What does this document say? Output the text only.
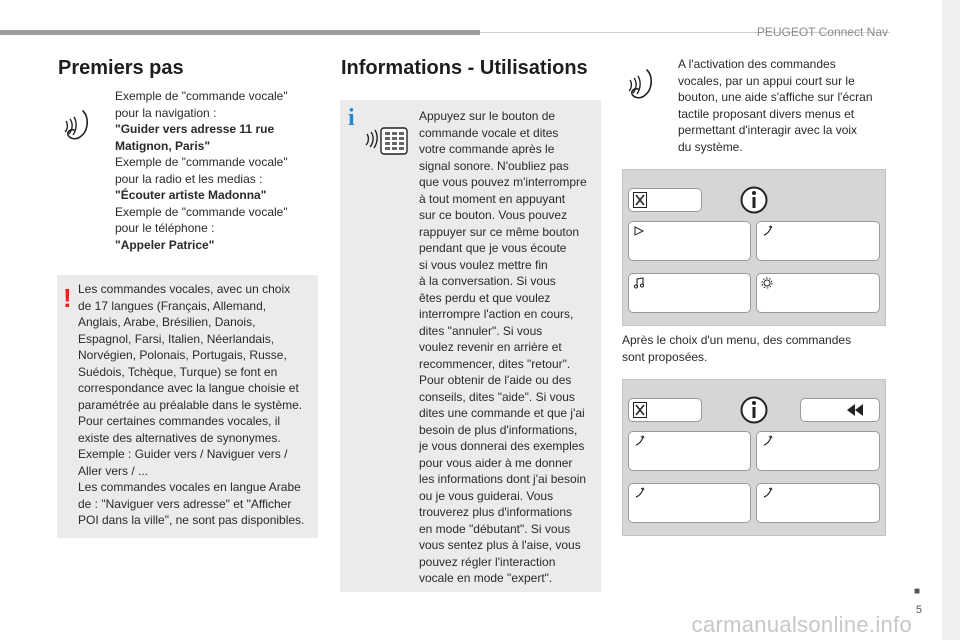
PEUGEOT Connect Nav
Premiers pas
Exemple de "commande vocale"
pour la navigation :
"Guider vers adresse 11 rue
Matignon, Paris"
Exemple de "commande vocale"
pour la radio et les medias :
"Écouter artiste Madonna"
Exemple de "commande vocale"
pour le téléphone :
"Appeler Patrice"
! Les commandes vocales, avec un choix
de 17 langues (Français, Allemand,
Anglais, Arabe, Brésilien, Danois,
Espagnol, Farsi, Italien, Néerlandais,
Norvégien, Polonais, Portugais, Russe,
Suédois, Tchèque, Turque) se font en
correspondance avec la langue choisie et
paramétrée au préalable dans le système.
Pour certaines commandes vocales, il
existe des alternatives de synonymes.
Exemple : Guider vers / Naviguer vers /
Aller vers / ...
Les commandes vocales en langue Arabe
de : "Naviguer vers adresse" et "Afficher
POI dans la ville", ne sont pas disponibles.
Informations - Utilisations
i	Appuyez sur le bouton de
commande vocale et dites
votre commande après le
signal sonore. N'oubliez pas
que vous pouvez m'interrompre
à tout moment en appuyant
sur ce bouton. Vous pouvez
rappuyer sur ce même bouton
pendant que je vous écoute
si vous voulez mettre fin
à la conversation. Si vous
êtes perdu et que voulez
interrompre l'action en cours,
dites "annuler". Si vous
voulez revenir en arrière et
recommencer, dites "retour".
Pour obtenir de l'aide ou des
conseils, dites "aide". Si vous
dites une commande et que j'ai
besoin de plus d'informations,
je vous donnerai des exemples
pour vous aider à me donner
les informations dont j'ai besoin
ou je vous guiderai. Vous
trouverez plus d'informations
en mode "débutant". Si vous
vous sentez plus à l'aise, vous
pouvez régler l'interaction
vocale en mode "expert".
A l'activation des commandes
vocales, par un appui court sur le
bouton, une aide s'affiche sur l'écran
tactile proposant divers menus et
permettant d'interagir avec la voix
du système.
Après le choix d'un menu, des commandes
sont proposées.
■
5
carmanualsonline.info
